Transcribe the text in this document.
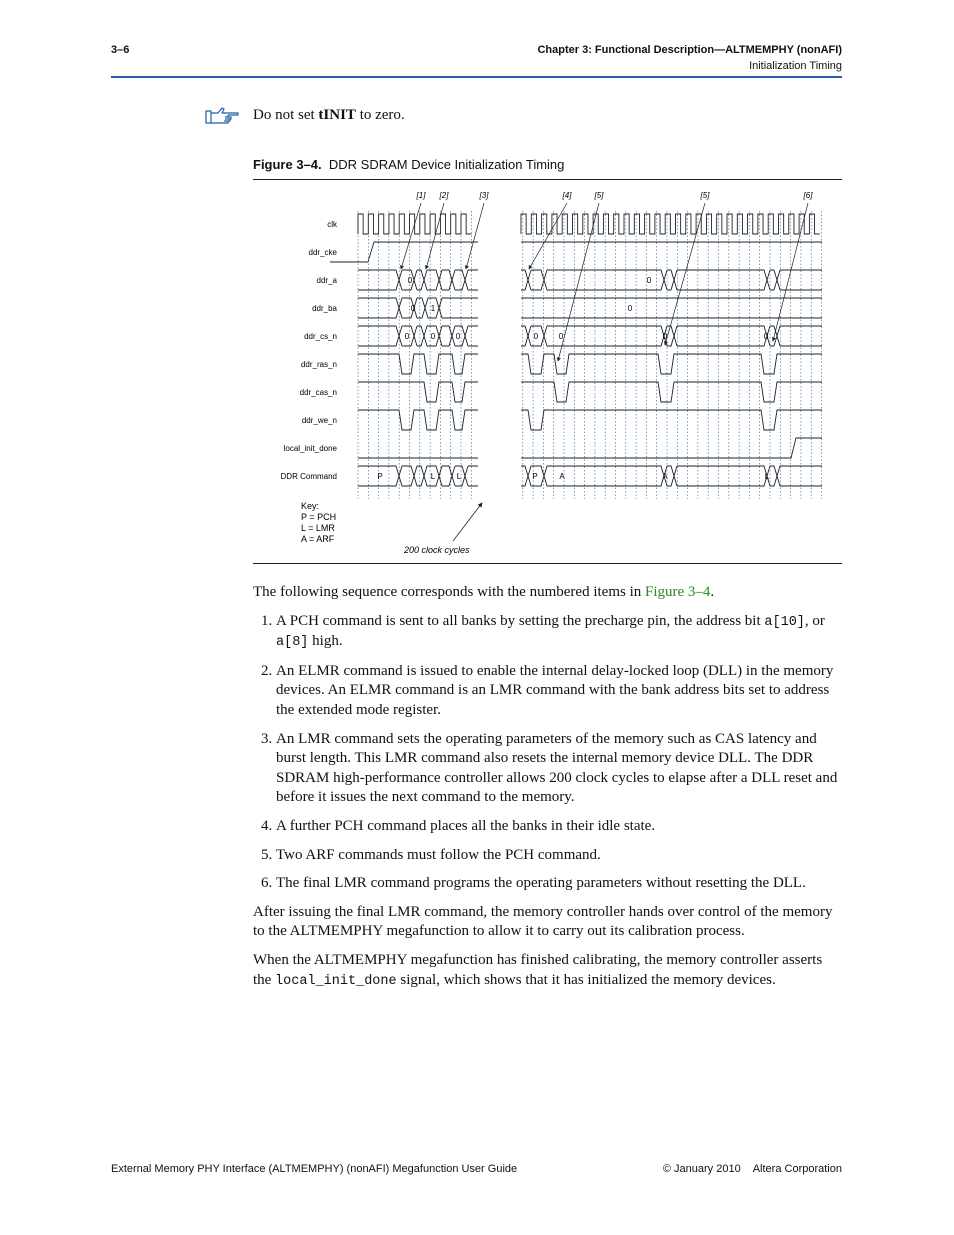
3–6	Chapter 3: Functional Description—ALTMEMPHY (nonAFI)
Initialization Timing
Do not set tINIT to zero.
Figure 3–4. DDR SDRAM Device Initialization Timing
clk
ddr_cke
ddr_a
ddr_ba
ddr_cs_n
ddr_ras_n
ddr_cas_n
ddr_we_n
local_init_done
DDR Command
0	0
0 1	0
0	0	0	0	0	0	0
P	L	L	P	A	A	L
[1] [2]	[3]	[4]	[5]	[5]	[6]
Key:
P = PCH
L = LMR
A = ARF
200 clock cycles

The following sequence corresponds with the numbered items in Figure 3–4.

1. A PCH command is sent to all banks by setting the precharge pin, the address bit a[10], or a[8] high.
2. An ELMR command is issued to enable the internal delay-locked loop (DLL) in the memory devices. An ELMR command is an LMR command with the bank address bits set to address the extended mode register.
3. An LMR command sets the operating parameters of the memory such as CAS latency and burst length. This LMR command also resets the internal memory device DLL. The DDR SDRAM high-performance controller allows 200 clock cycles to elapse after a DLL reset and before it issues the next command to the memory.
4. A further PCH command places all the banks in their idle state.
5. Two ARF commands must follow the PCH command.
6. The final LMR command programs the operating parameters without resetting the DLL.

After issuing the final LMR command, the memory controller hands over control of the memory to the ALTMEMPHY megafunction to allow it to carry out its calibration process.

When the ALTMEMPHY megafunction has finished calibrating, the memory controller asserts the local_init_done signal, which shows that it has initialized the memory devices.

External Memory PHY Interface (ALTMEMPHY) (nonAFI) Megafunction User Guide	© January 2010 Altera Corporation
